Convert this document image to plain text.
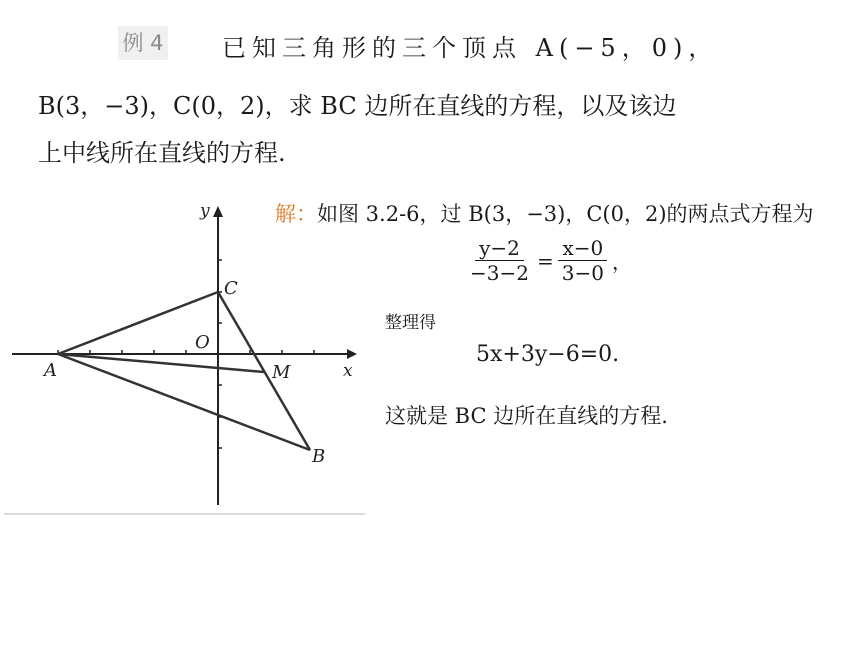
例 4 已知三角形的三个顶点 A(−5，0)，
B(3，−3)，C(0，2)，求 BC 边所在直线的方程，以及该边
上中线所在直线的方程.
解：如图 3.2-6，过 B(3，−3)，C(0，2)的两点式方程为
$\frac{y-2}{-3-2} = \frac{x-0}{3-0}$ ，
整理得
5x+3y−6=0.
这就是 BC 边所在直线的方程.
y
x
O
A
C
M
B
